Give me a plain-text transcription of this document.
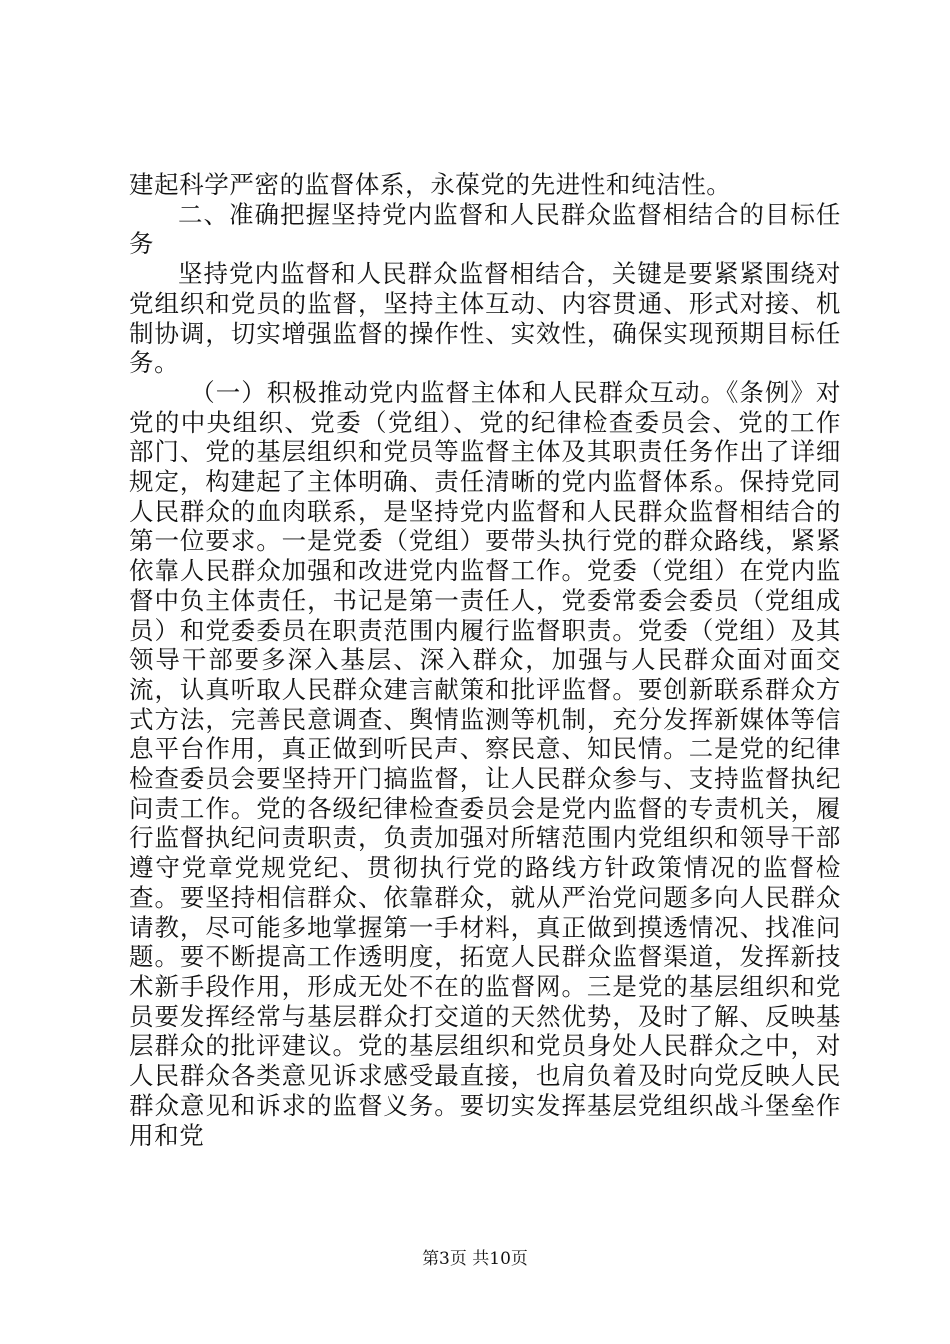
建起科学严密的监督体系，永葆党的先进性和纯洁性。

二、准确把握坚持党内监督和人民群众监督相结合的目标任务

坚持党内监督和人民群众监督相结合，关键是要紧紧围绕对党组织和党员的监督，坚持主体互动、内容贯通、形式对接、机制协调，切实增强监督的操作性、实效性，确保实现预期目标任务。

（一）积极推动党内监督主体和人民群众互动。《条例》对党的中央组织、党委（党组）、党的纪律检查委员会、党的工作部门、党的基层组织和党员等监督主体及其职责任务作出了详细规定，构建起了主体明确、责任清晰的党内监督体系。保持党同人民群众的血肉联系，是坚持党内监督和人民群众监督相结合的第一位要求。一是党委（党组）要带头执行党的群众路线，紧紧依靠人民群众加强和改进党内监督工作。党委（党组）在党内监督中负主体责任，书记是第一责任人，党委常委会委员（党组成员）和党委委员在职责范围内履行监督职责。党委（党组）及其领导干部要多深入基层、深入群众，加强与人民群众面对面交流，认真听取人民群众建言献策和批评监督。要创新联系群众方式方法，完善民意调查、舆情监测等机制，充分发挥新媒体等信息平台作用，真正做到听民声、察民意、知民情。二是党的纪律检查委员会要坚持开门搞监督，让人民群众参与、支持监督执纪问责工作。党的各级纪律检查委员会是党内监督的专责机关，履行监督执纪问责职责，负责加强对所辖范围内党组织和领导干部遵守党章党规党纪、贯彻执行党的路线方针政策情况的监督检查。要坚持相信群众、依靠群众，就从严治党问题多向人民群众请教，尽可能多地掌握第一手材料，真正做到摸透情况、找准问题。要不断提高工作透明度，拓宽人民群众监督渠道，发挥新技术新手段作用，形成无处不在的监督网。三是党的基层组织和党员要发挥经常与基层群众打交道的天然优势，及时了解、反映基层群众的批评建议。党的基层组织和党员身处人民群众之中，对人民群众各类意见诉求感受最直接，也肩负着及时向党反映人民群众意见和诉求的监督义务。要切实发挥基层党组织战斗堡垒作用和党

第3页 共10页
